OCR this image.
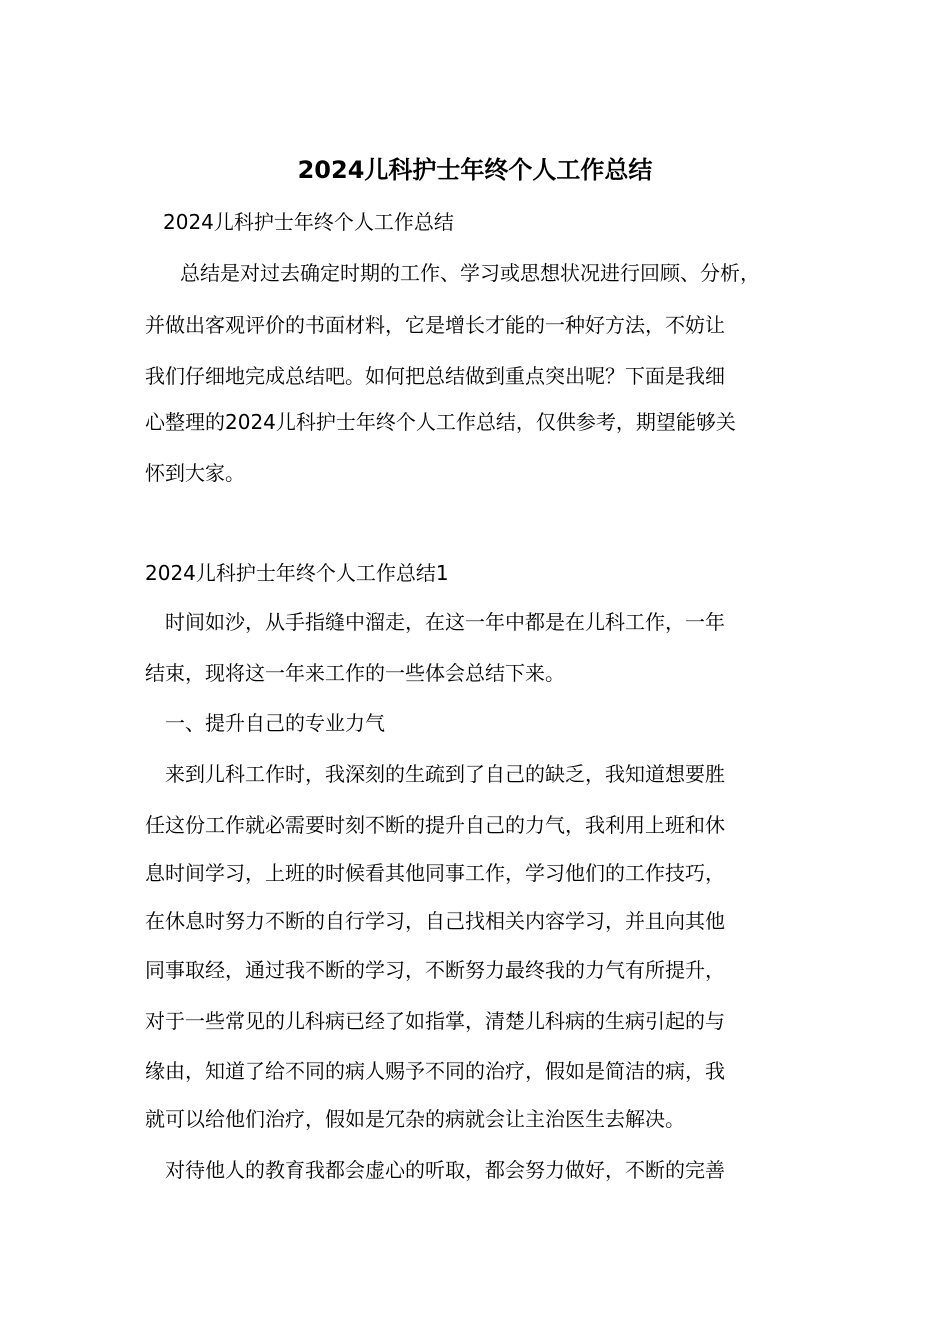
2024儿科护士年终个人工作总结
2024儿科护士年终个人工作总结
总结是对过去确定时期的工作、学习或思想状况进行回顾、分析，
并做出客观评价的书面材料，它是增长才能的一种好方法，不妨让
我们仔细地完成总结吧。如何把总结做到重点突出呢？下面是我细
心整理的2024儿科护士年终个人工作总结，仅供参考，期望能够关
怀到大家。
2024儿科护士年终个人工作总结1
时间如沙，从手指缝中溜走，在这一年中都是在儿科工作，一年
结束，现将这一年来工作的一些体会总结下来。
一、提升自己的专业力气
来到儿科工作时，我深刻的生疏到了自己的缺乏，我知道想要胜
任这份工作就必需要时刻不断的提升自己的力气，我利用上班和休
息时间学习，上班的时候看其他同事工作，学习他们的工作技巧，
在休息时努力不断的自行学习，自己找相关内容学习，并且向其他
同事取经，通过我不断的学习，不断努力最终我的力气有所提升，
对于一些常见的儿科病已经了如指掌，清楚儿科病的生病引起的与
缘由，知道了给不同的病人赐予不同的治疗，假如是简洁的病，我
就可以给他们治疗，假如是冗杂的病就会让主治医生去解决。
对待他人的教育我都会虚心的听取，都会努力做好，不断的完善
